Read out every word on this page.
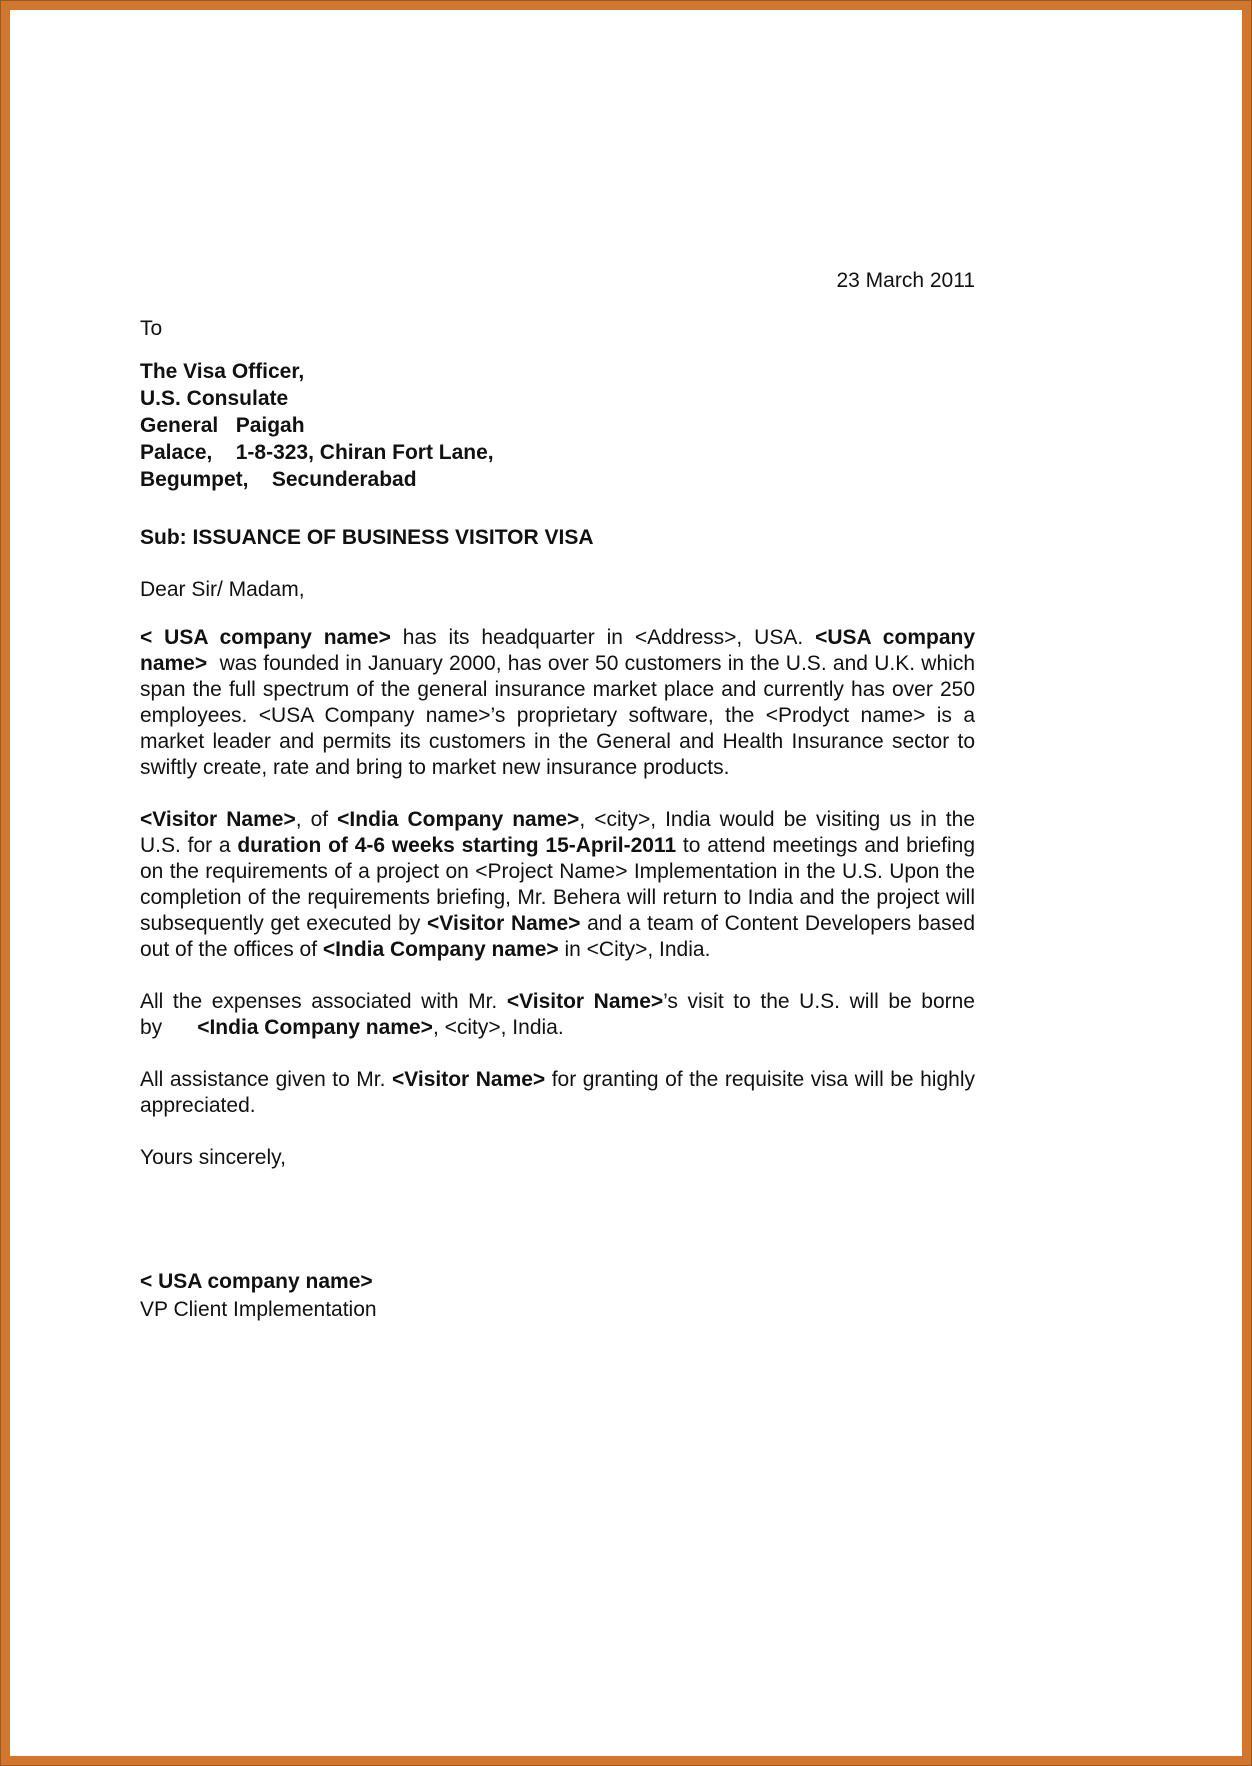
23 March 2011
To
The Visa Officer,
U.S. Consulate
General   Paigah
Palace,    1-8-323, Chiran Fort Lane,
Begumpet,    Secunderabad
Sub: ISSUANCE OF BUSINESS VISITOR VISA
Dear Sir/ Madam,

< USA company name> has its headquarter in <Address>, USA. <USA company name>  was founded in January 2000, has over 50 customers in the U.S. and U.K. which span the full spectrum of the general insurance market place and currently has over 250 employees. <USA Company name>’s proprietary software, the <Prodyct name> is a market leader and permits its customers in the General and Health Insurance sector to swiftly create, rate and bring to market new insurance products.

<Visitor Name>, of <India Company name>, <city>, India would be visiting us in the U.S. for a duration of 4-6 weeks starting 15-April-2011 to attend meetings and briefing on the requirements of a project on <Project Name> Implementation in the U.S. Upon the completion of the requirements briefing, Mr. Behera will return to India and the project will subsequently get executed by <Visitor Name> and a team of Content Developers based out of the offices of <India Company name> in <City>, India.

All the expenses associated with Mr. <Visitor Name>’s visit to the U.S. will be borne by      <India Company name>, <city>, India.

All assistance given to Mr. <Visitor Name> for granting of the requisite visa will be highly appreciated.

Yours sincerely,
< USA company name>
VP Client Implementation
